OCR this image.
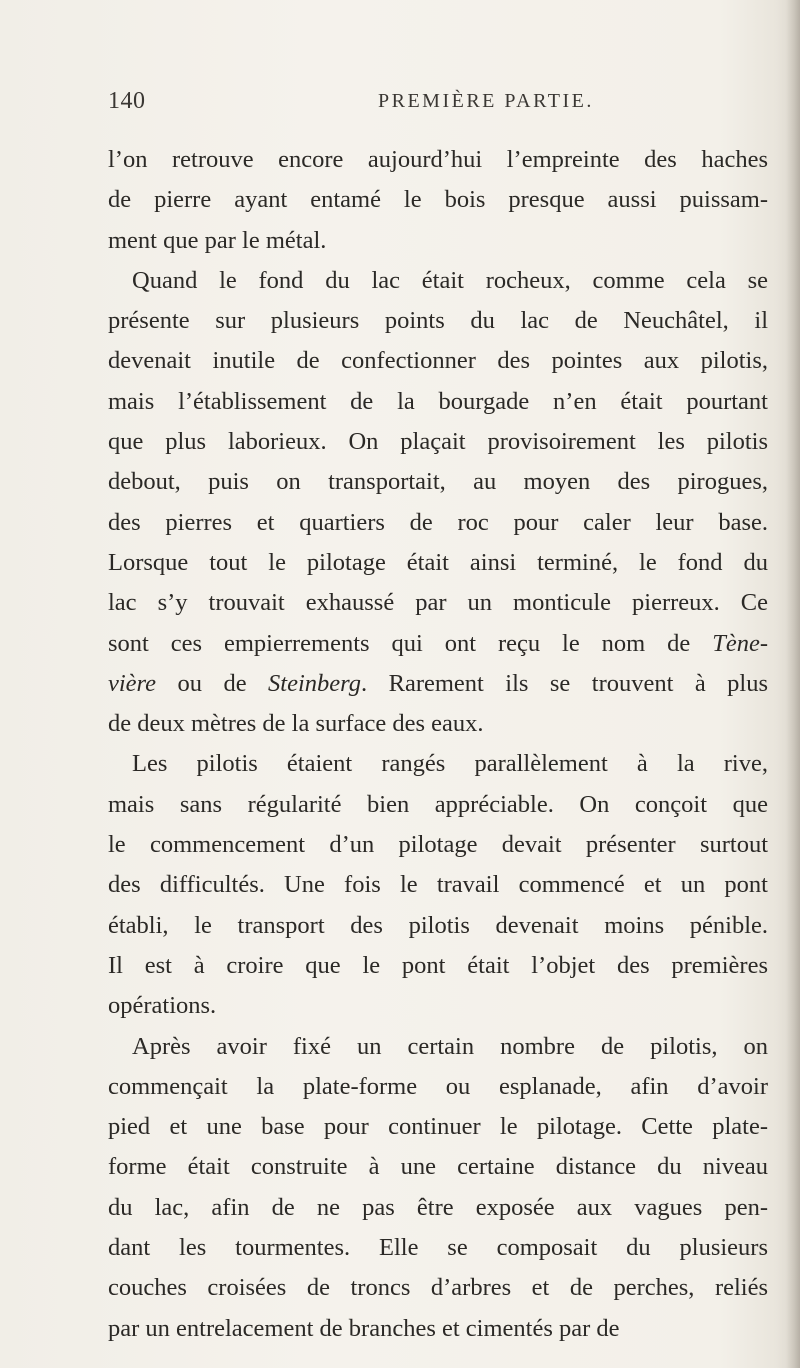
140	PREMIÈRE PARTIE.
l’on retrouve encore aujourd’hui l’empreinte des haches
de pierre ayant entamé le bois presque aussi puissam-
ment que par le métal.
Quand le fond du lac était rocheux, comme cela se
présente sur plusieurs points du lac de Neuchâtel, il
devenait inutile de confectionner des pointes aux pilotis,
mais l’établissement de la bourgade n’en était pourtant
que plus laborieux. On plaçait provisoirement les pilotis
debout, puis on transportait, au moyen des pirogues,
des pierres et quartiers de roc pour caler leur base.
Lorsque tout le pilotage était ainsi terminé, le fond du
lac s’y trouvait exhaussé par un monticule pierreux. Ce
sont ces empierrements qui ont reçu le nom de Tène-
vière ou de Steinberg. Rarement ils se trouvent à plus
de deux mètres de la surface des eaux.
Les pilotis étaient rangés parallèlement à la rive,
mais sans régularité bien appréciable. On conçoit que
le commencement d’un pilotage devait présenter surtout
des difficultés. Une fois le travail commencé et un pont
établi, le transport des pilotis devenait moins pénible.
Il est à croire que le pont était l’objet des premières
opérations.
Après avoir fixé un certain nombre de pilotis, on
commençait la plate-forme ou esplanade, afin d’avoir
pied et une base pour continuer le pilotage. Cette plate-
forme était construite à une certaine distance du niveau
du lac, afin de ne pas être exposée aux vagues pen-
dant les tourmentes. Elle se composait du plusieurs
couches croisées de troncs d’arbres et de perches, reliés
par un entrelacement de branches et cimentés par de
